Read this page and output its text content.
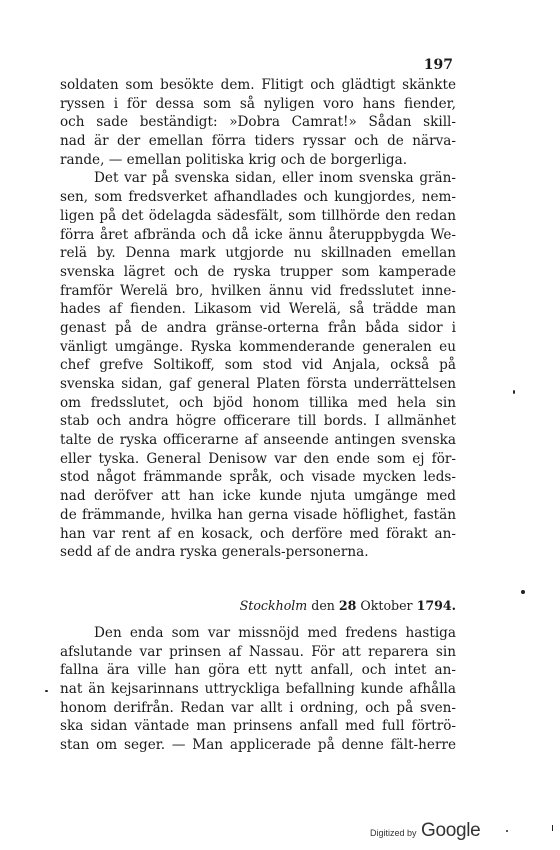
197
soldaten som besökte dem. Flitigt och glädtigt skänkte
ryssen i för dessa som så nyligen voro hans fiender,
och sade beständigt: »Dobra Camrat!» Sådan skill-
nad är der emellan förra tiders ryssar och de närva-
rande, — emellan politiska krig och de borgerliga.
Det var på svenska sidan, eller inom svenska grän-
sen, som fredsverket afhandlades och kungjordes, nem-
ligen på det ödelagda sädesfält, som tillhörde den redan
förra året afbrända och då icke ännu återuppbygda We-
relä by. Denna mark utgjorde nu skillnaden emellan
svenska lägret och de ryska trupper som kamperade
framför Werelä bro, hvilken ännu vid fredsslutet inne-
hades af fienden. Likasom vid Werelä, så trädde man
genast på de andra gränse-orterna från båda sidor i
vänligt umgänge. Ryska kommenderande generalen eu
chef grefve Soltikoff, som stod vid Anjala, också på
svenska sidan, gaf general Platen första underrättelsen
om fredsslutet, och bjöd honom tillika med hela sin
stab och andra högre officerare till bords. I allmänhet
talte de ryska officerarne af anseende antingen svenska
eller tyska. General Denisow var den ende som ej för-
stod något främmande språk, och visade mycken leds-
nad deröfver att han icke kunde njuta umgänge med
de främmande, hvilka han gerna visade höflighet, fastän
han var rent af en kosack, och derföre med förakt an-
sedd af de andra ryska generals-personerna.
Stockholm den 28 Oktober 1794.
Den enda som var missnöjd med fredens hastiga
afslutande var prinsen af Nassau. För att reparera sin
fallna ära ville han göra ett nytt anfall, och intet an-
nat än kejsarinnans uttryckliga befallning kunde afhålla
honom derifrån. Redan var allt i ordning, och på sven-
ska sidan väntade man prinsens anfall med full förtrö-
stan om seger. — Man applicerade på denne fält-herre
Digitized by Google
